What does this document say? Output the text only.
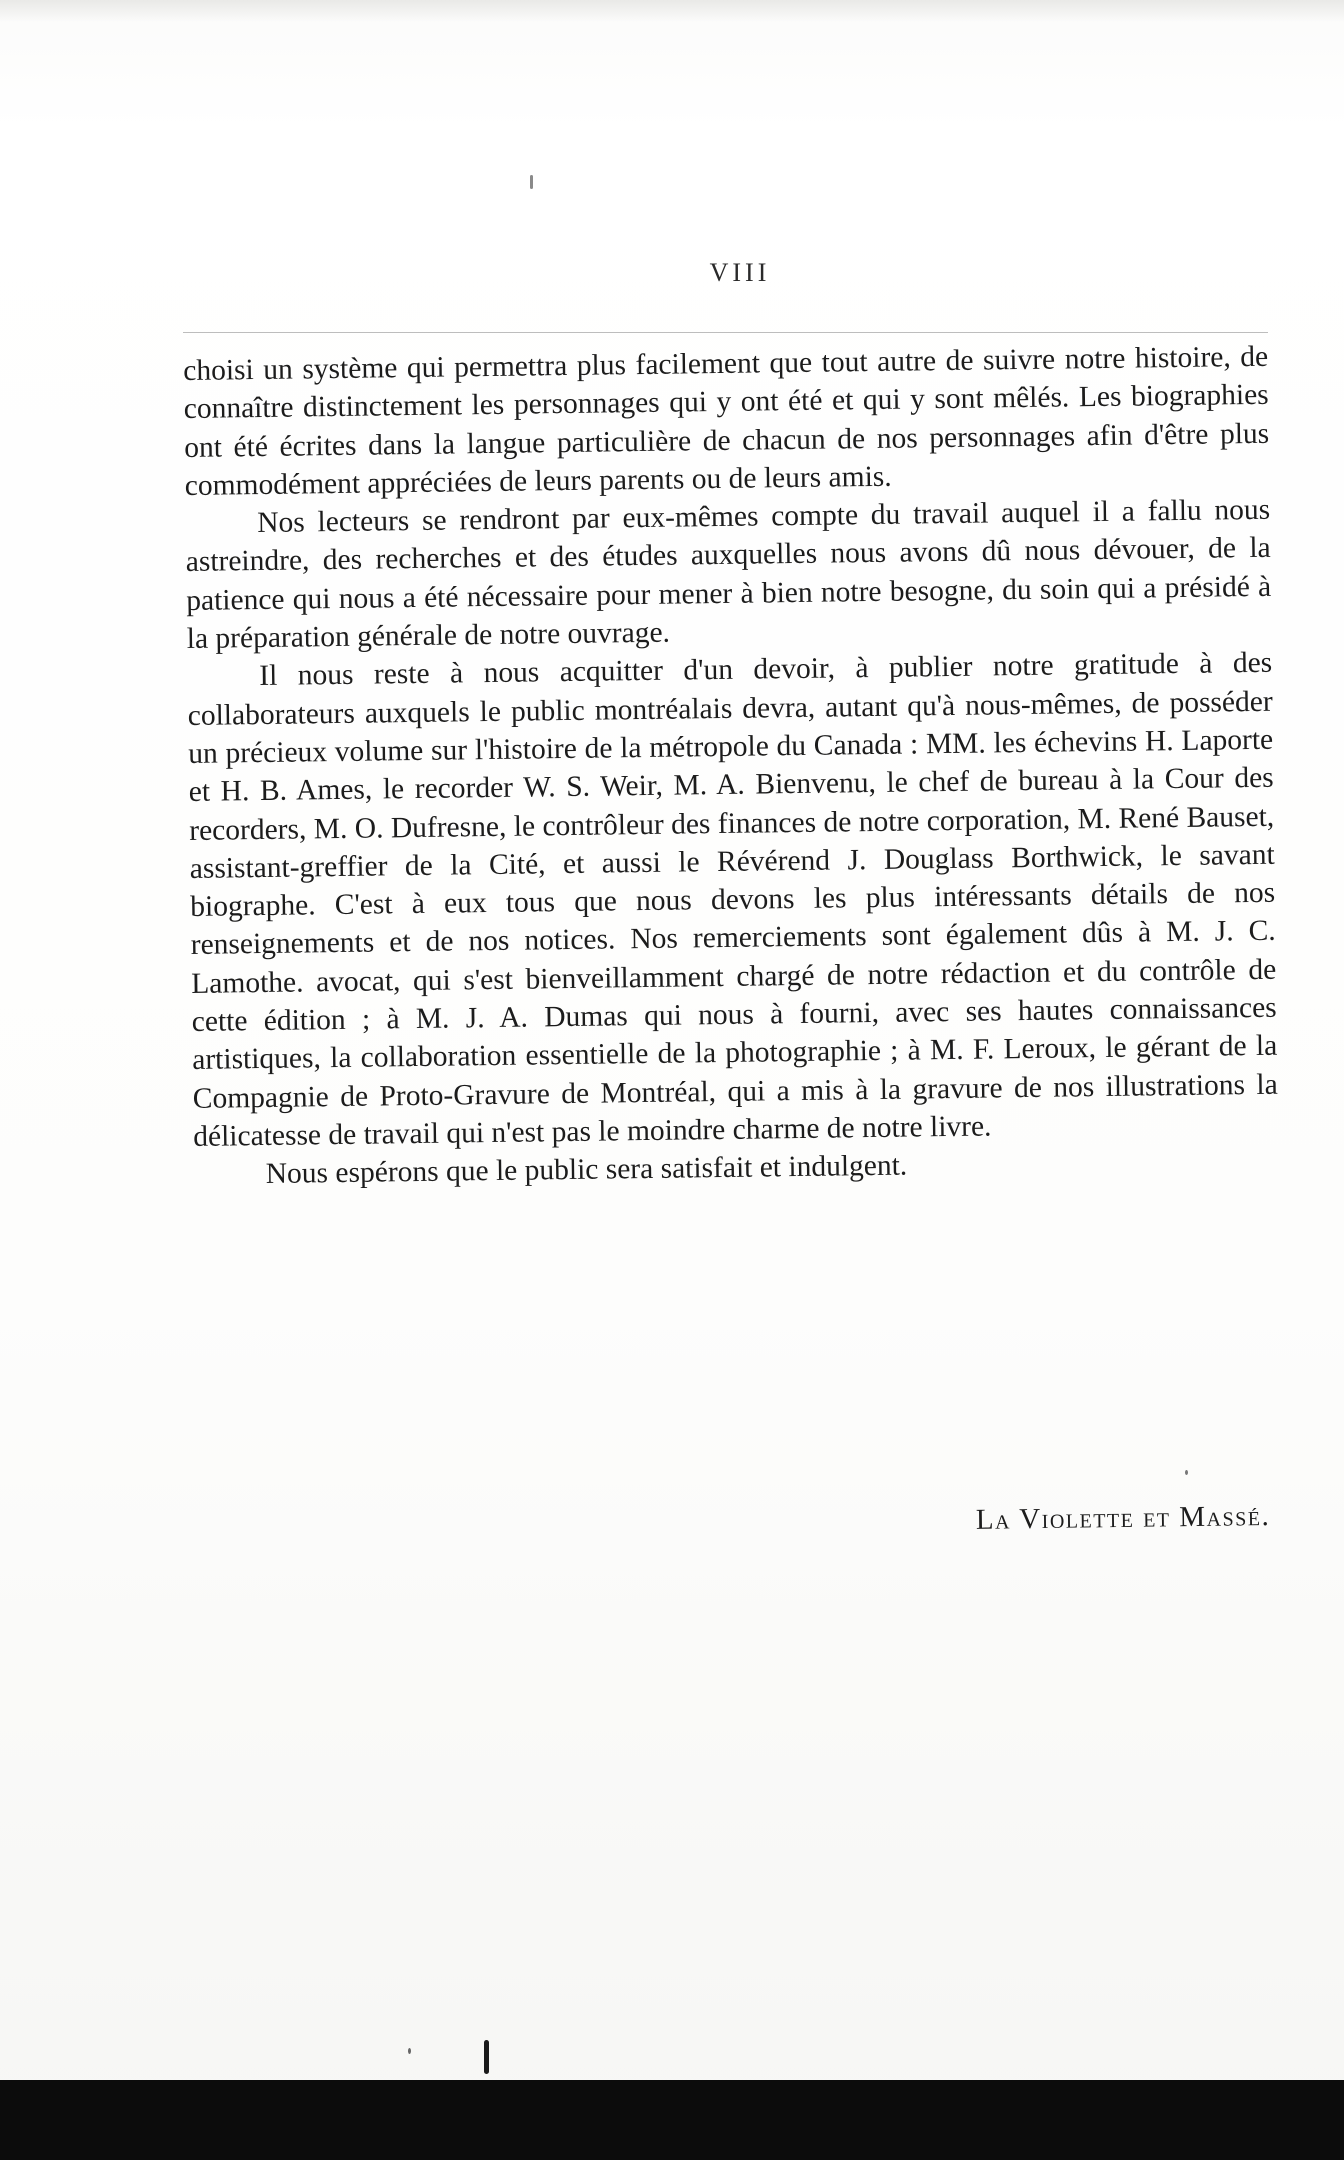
VIII

choisi un système qui permettra plus facilement que tout autre de suivre notre histoire, de connaître distinctement les personnages qui y ont été et qui y sont mêlés. Les biographies ont été écrites dans la langue particulière de chacun de nos personnages afin d'être plus commodément appréciées de leurs parents ou de leurs amis.

Nos lecteurs se rendront par eux-mêmes compte du travail auquel il a fallu nous astreindre, des recherches et des études auxquelles nous avons dû nous dévouer, de la patience qui nous a été nécessaire pour mener à bien notre besogne, du soin qui a présidé à la préparation générale de notre ouvrage.

Il nous reste à nous acquitter d'un devoir, à publier notre gratitude à des collaborateurs auxquels le public montréalais devra, autant qu'à nous-mêmes, de posséder un précieux volume sur l'histoire de la métropole du Canada : MM. les échevins H. Laporte et H. B. Ames, le recorder W. S. Weir, M. A. Bienvenu, le chef de bureau à la Cour des recorders, M. O. Dufresne, le contrôleur des finances de notre corporation, M. René Bauset, assistant-greffier de la Cité, et aussi le Révérend J. Douglass Borthwick, le savant biographe. C'est à eux tous que nous devons les plus intéressants détails de nos renseignements et de nos notices. Nos remerciements sont également dûs à M. J. C. Lamothe. avocat, qui s'est bienveillamment chargé de notre rédaction et du contrôle de cette édition ; à M. J. A. Dumas qui nous à fourni, avec ses hautes connaissances artistiques, la collaboration essentielle de la photographie ; à M. F. Leroux, le gérant de la Compagnie de Proto-Gravure de Montréal, qui a mis à la gravure de nos illustrations la délicatesse de travail qui n'est pas le moindre charme de notre livre.

Nous espérons que le public sera satisfait et indulgent.

La Violette et Massé.
